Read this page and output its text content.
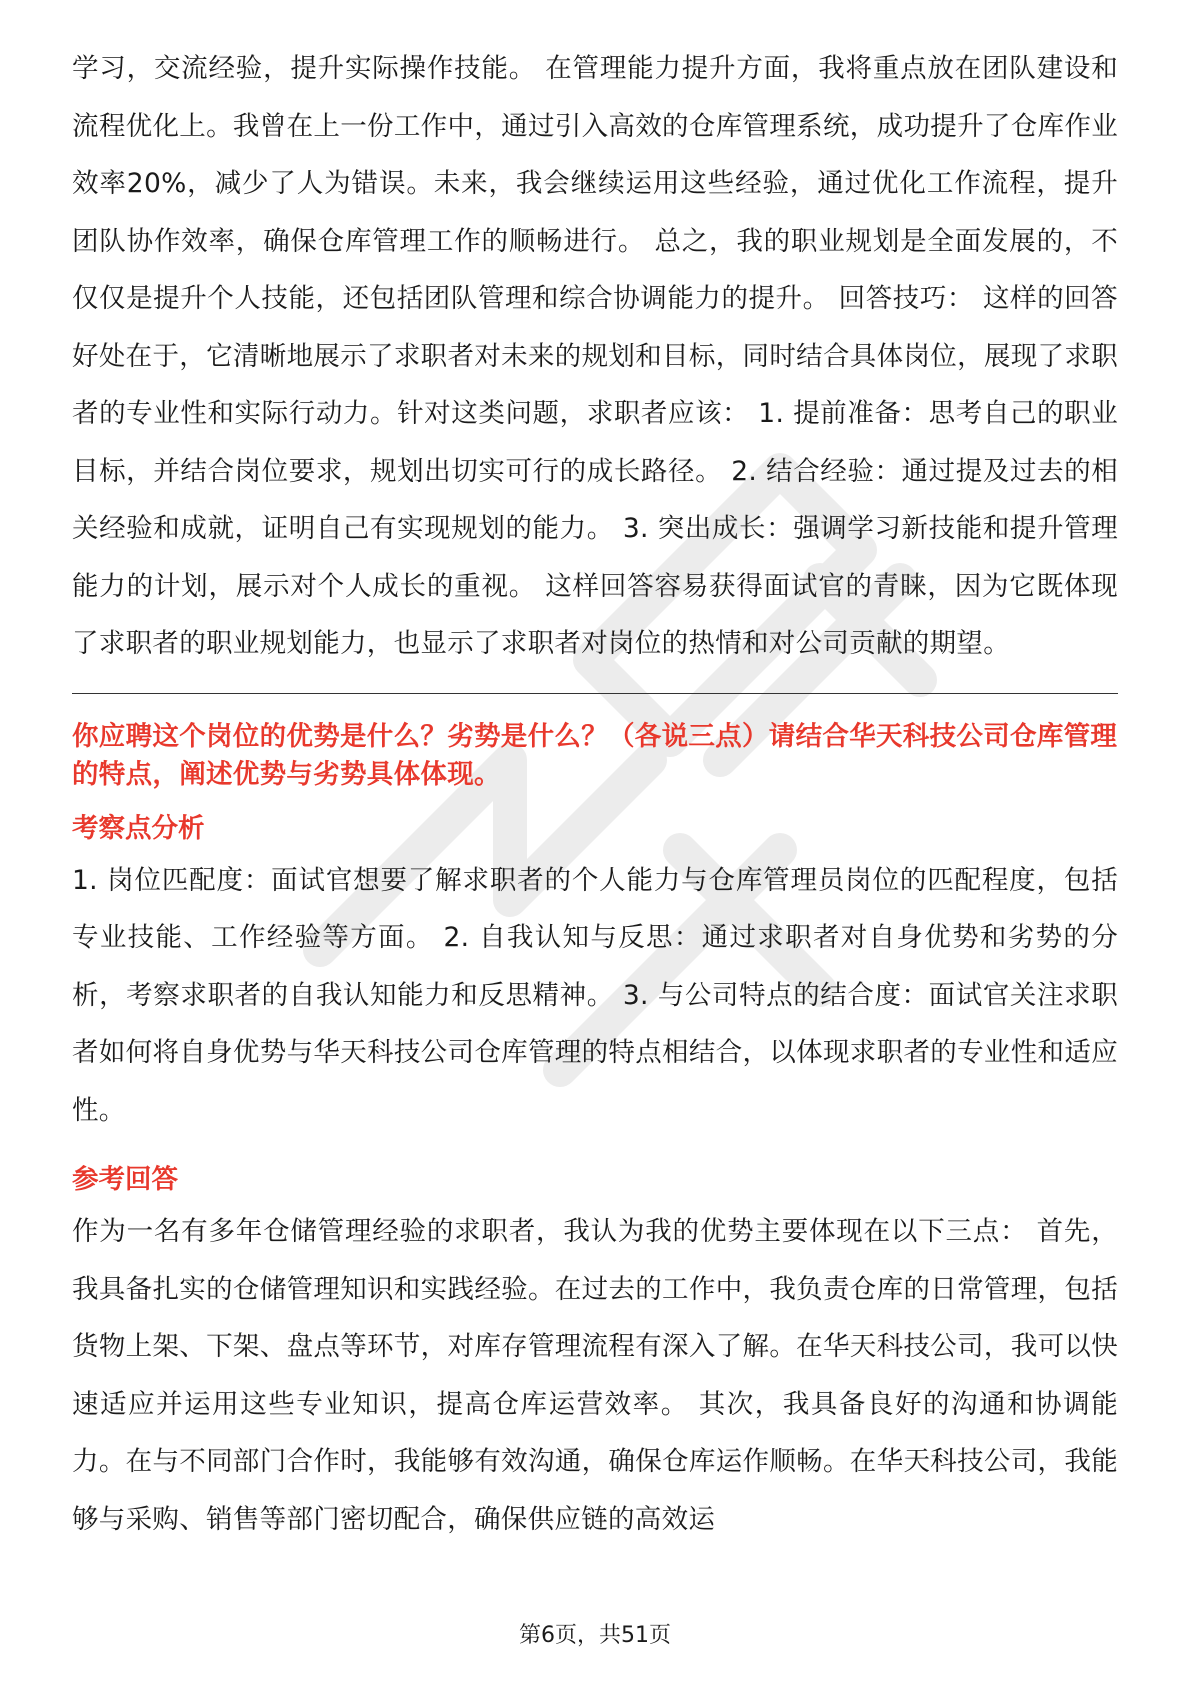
学习，交流经验，提升实际操作技能。 在管理能力提升方面，我将重点放在团队建设和流程优化上。我曾在上一份工作中，通过引入高效的仓库管理系统，成功提升了仓库作业效率20%，减少了人为错误。未来，我会继续运用这些经验，通过优化工作流程，提升团队协作效率，确保仓库管理工作的顺畅进行。 总之，我的职业规划是全面发展的，不仅仅是提升个人技能，还包括团队管理和综合协调能力的提升。 回答技巧： 这样的回答好处在于，它清晰地展示了求职者对未来的规划和目标，同时结合具体岗位，展现了求职者的专业性和实际行动力。针对这类问题，求职者应该： 1. 提前准备：思考自己的职业目标，并结合岗位要求，规划出切实可行的成长路径。 2. 结合经验：通过提及过去的相关经验和成就，证明自己有实现规划的能力。 3. 突出成长：强调学习新技能和提升管理能力的计划，展示对个人成长的重视。 这样回答容易获得面试官的青睐，因为它既体现了求职者的职业规划能力，也显示了求职者对岗位的热情和对公司贡献的期望。

你应聘这个岗位的优势是什么？劣势是什么？（各说三点）请结合华天科技公司仓库管理的特点，阐述优势与劣势具体体现。

考察点分析

1. 岗位匹配度：面试官想要了解求职者的个人能力与仓库管理员岗位的匹配程度，包括专业技能、工作经验等方面。 2. 自我认知与反思：通过求职者对自身优势和劣势的分析，考察求职者的自我认知能力和反思精神。 3. 与公司特点的结合度：面试官关注求职者如何将自身优势与华天科技公司仓库管理的特点相结合，以体现求职者的专业性和适应性。

参考回答

作为一名有多年仓储管理经验的求职者，我认为我的优势主要体现在以下三点： 首先，我具备扎实的仓储管理知识和实践经验。在过去的工作中，我负责仓库的日常管理，包括货物上架、下架、盘点等环节，对库存管理流程有深入了解。在华天科技公司，我可以快速适应并运用这些专业知识，提高仓库运营效率。 其次，我具备良好的沟通和协调能力。在与不同部门合作时，我能够有效沟通，确保仓库运作顺畅。在华天科技公司，我能够与采购、销售等部门密切配合，确保供应链的高效运

第6页，共51页
